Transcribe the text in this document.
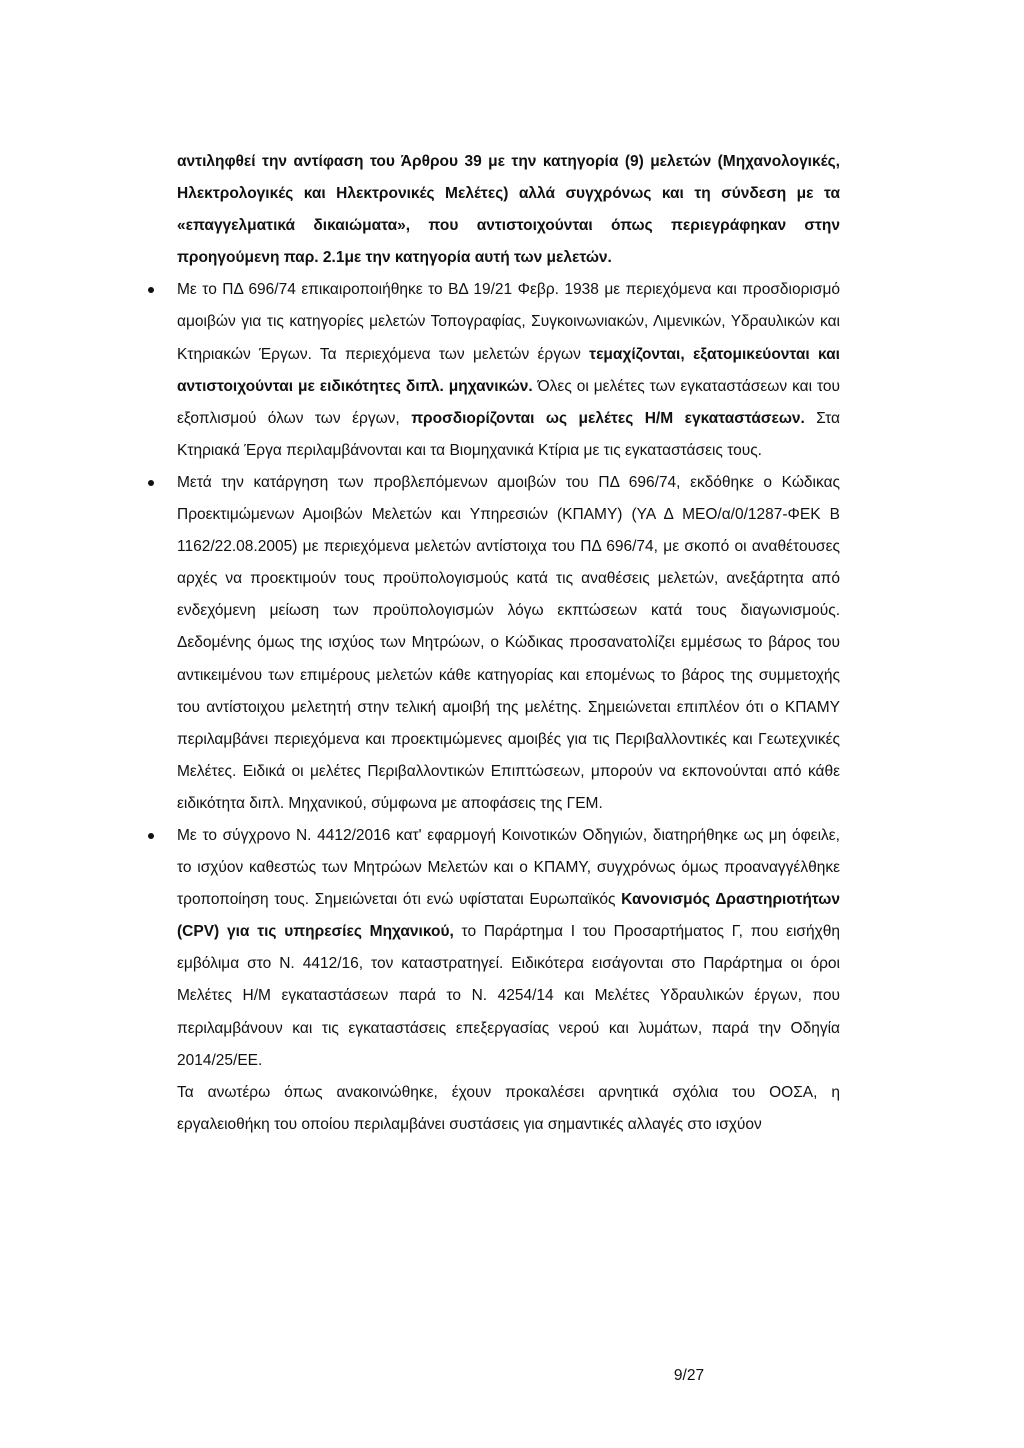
αντιληφθεί την αντίφαση του Άρθρου 39 με την κατηγορία (9) μελετών (Μηχανολογικές, Ηλεκτρολογικές και Ηλεκτρονικές Μελέτες) αλλά συγχρόνως και τη σύνδεση με τα «επαγγελματικά δικαιώματα», που αντιστοιχούνται όπως περιεγράφηκαν στην προηγούμενη παρ. 2.1με την κατηγορία αυτή των μελετών.

Με το ΠΔ 696/74 επικαιροποιήθηκε το ΒΔ 19/21 Φεβρ. 1938 με περιεχόμενα και προσδιορισμό αμοιβών για τις κατηγορίες μελετών Τοπογραφίας, Συγκοινωνιακών, Λιμενικών, Υδραυλικών και Κτηριακών Έργων. Τα περιεχόμενα των μελετών έργων τεμαχίζονται, εξατομικεύονται και αντιστοιχούνται με ειδικότητες διπλ. μηχανικών. Όλες οι μελέτες των εγκαταστάσεων και του εξοπλισμού όλων των έργων, προσδιορίζονται ως μελέτες Η/Μ εγκαταστάσεων. Στα Κτηριακά Έργα περιλαμβάνονται και τα Βιομηχανικά Κτίρια με τις εγκαταστάσεις τους.

Μετά την κατάργηση των προβλεπόμενων αμοιβών του ΠΔ 696/74, εκδόθηκε ο Κώδικας Προεκτιμώμενων Αμοιβών Μελετών και Υπηρεσιών (ΚΠΑΜΥ) (ΥΑ Δ ΜΕΟ/α/0/1287-ΦΕΚ Β 1162/22.08.2005) με περιεχόμενα μελετών αντίστοιχα του ΠΔ 696/74, με σκοπό οι αναθέτουσες αρχές να προεκτιμούν τους προϋπολογισμούς κατά τις αναθέσεις μελετών, ανεξάρτητα από ενδεχόμενη μείωση των προϋπολογισμών λόγω εκπτώσεων κατά τους διαγωνισμούς. Δεδομένης όμως της ισχύος των Μητρώων, ο Κώδικας προσανατολίζει εμμέσως το βάρος του αντικειμένου των επιμέρους μελετών κάθε κατηγορίας και επομένως το βάρος της συμμετοχής του αντίστοιχου μελετητή στην τελική αμοιβή της μελέτης. Σημειώνεται επιπλέον ότι ο ΚΠΑΜΥ περιλαμβάνει περιεχόμενα και προεκτιμώμενες αμοιβές για τις Περιβαλλοντικές και Γεωτεχνικές Μελέτες. Ειδικά οι μελέτες Περιβαλλοντικών Επιπτώσεων, μπορούν να εκπονούνται από κάθε ειδικότητα διπλ. Μηχανικού, σύμφωνα με αποφάσεις της ΓΕΜ.

Με το σύγχρονο Ν. 4412/2016 κατ' εφαρμογή Κοινοτικών Οδηγιών, διατηρήθηκε ως μη όφειλε, το ισχύον καθεστώς των Μητρώων Μελετών και ο ΚΠΑΜΥ, συγχρόνως όμως προαναγγέλθηκε τροποποίηση τους. Σημειώνεται ότι ενώ υφίσταται Ευρωπαϊκός Κανονισμός Δραστηριοτήτων (CPV) για τις υπηρεσίες Μηχανικού, το Παράρτημα Ι του Προσαρτήματος Γ, που εισήχθη εμβόλιμα στο Ν. 4412/16, τον καταστρατηγεί. Ειδικότερα εισάγονται στο Παράρτημα οι όροι Μελέτες Η/Μ εγκαταστάσεων παρά το Ν. 4254/14 και Μελέτες Υδραυλικών έργων, που περιλαμβάνουν και τις εγκαταστάσεις επεξεργασίας νερού και λυμάτων, παρά την Οδηγία 2014/25/ΕΕ.

Τα ανωτέρω όπως ανακοινώθηκε, έχουν προκαλέσει αρνητικά σχόλια του ΟΟΣΑ, η εργαλειοθήκη του οποίου περιλαμβάνει συστάσεις για σημαντικές αλλαγές στο ισχύον

9/27
